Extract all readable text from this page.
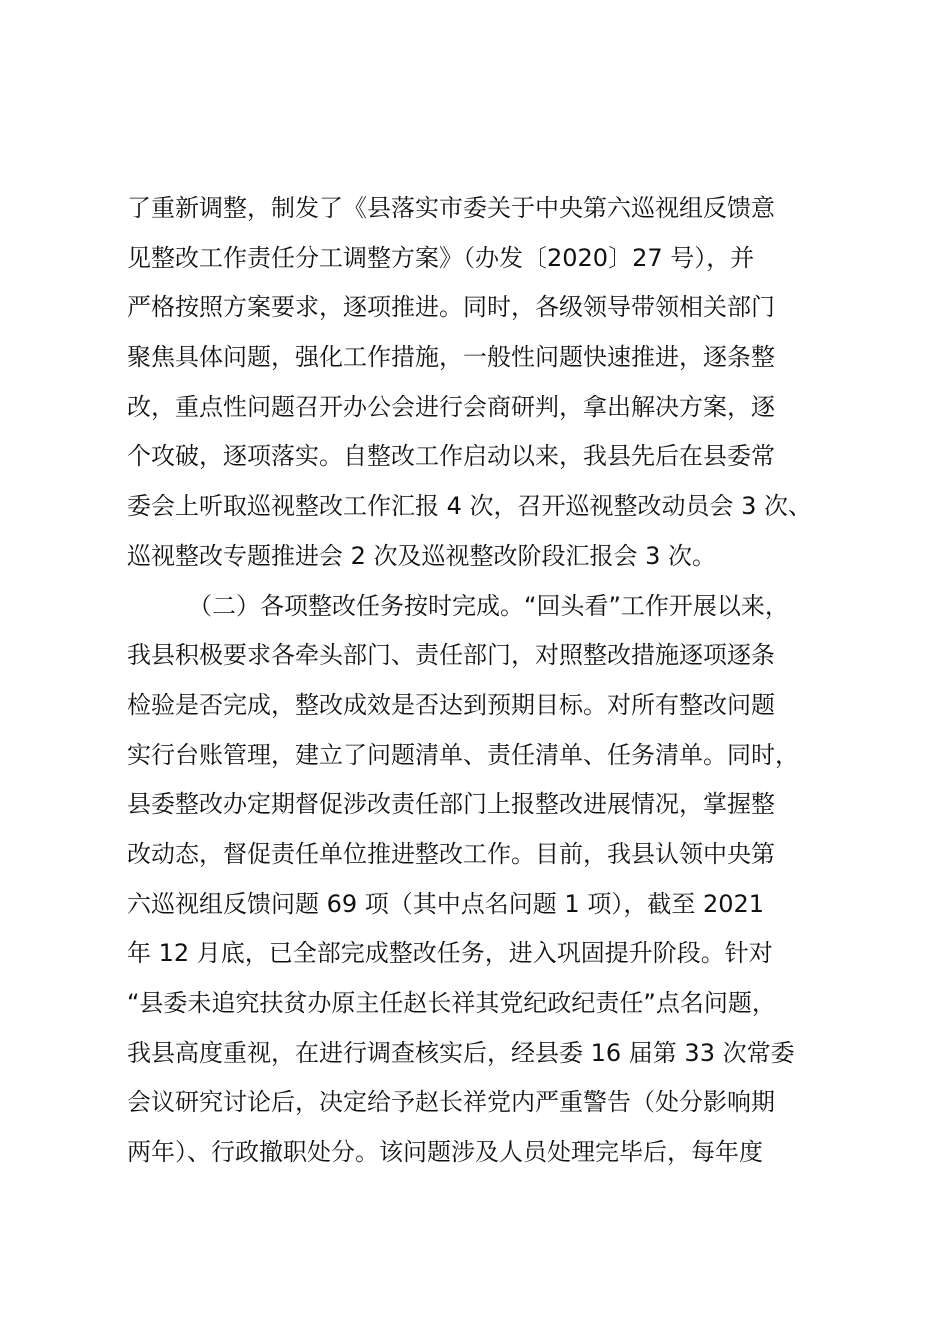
了重新调整，制发了《县落实市委关于中央第六巡视组反馈意
见整改工作责任分工调整方案》（办发〔2020〕27 号），并
严格按照方案要求，逐项推进。同时，各级领导带领相关部门
聚焦具体问题，强化工作措施，一般性问题快速推进，逐条整
改，重点性问题召开办公会进行会商研判，拿出解决方案，逐
个攻破，逐项落实。自整改工作启动以来，我县先后在县委常
委会上听取巡视整改工作汇报 4 次，召开巡视整改动员会 3 次、
巡视整改专题推进会 2 次及巡视整改阶段汇报会 3 次。
（二）各项整改任务按时完成。“回头看”工作开展以来，
我县积极要求各牵头部门、责任部门，对照整改措施逐项逐条
检验是否完成，整改成效是否达到预期目标。对所有整改问题
实行台账管理，建立了问题清单、责任清单、任务清单。同时，
县委整改办定期督促涉改责任部门上报整改进展情况，掌握整
改动态，督促责任单位推进整改工作。目前，我县认领中央第
六巡视组反馈问题 69 项（其中点名问题 1 项），截至 2021
年 12 月底，已全部完成整改任务，进入巩固提升阶段。针对
“县委未追究扶贫办原主任赵长祥其党纪政纪责任”点名问题，
我县高度重视，在进行调查核实后，经县委 16 届第 33 次常委
会议研究讨论后，决定给予赵长祥党内严重警告（处分影响期
两年）、行政撤职处分。该问题涉及人员处理完毕后，每年度
